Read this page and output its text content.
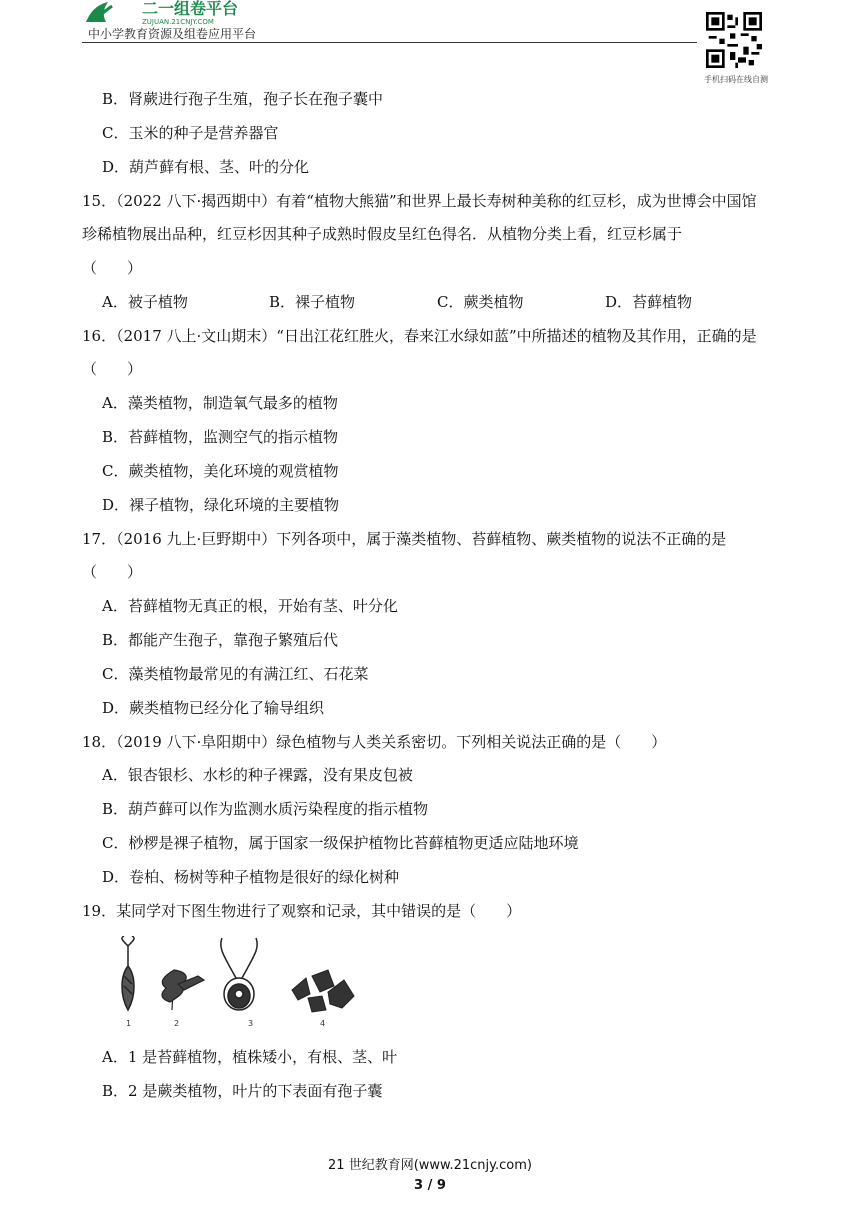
二一组卷平台
ZUJUAN.21CNJY.COM
中小学教育资源及组卷应用平台
手机扫码在线自测
B．肾蕨进行孢子生殖，孢子长在孢子囊中
C．玉米的种子是营养器官
D．葫芦藓有根、茎、叶的分化
15．（2022 八下·揭西期中）有着“植物大熊猫”和世界上最长寿树种美称的红豆杉，成为世博会中国馆
珍稀植物展出品种，红豆杉因其种子成熟时假皮呈红色得名．从植物分类上看，红豆杉属于
（　　）
A．被子植物	B．裸子植物	C．蕨类植物	D．苔藓植物
16．（2017 八上·文山期末）“日出江花红胜火，春来江水绿如蓝”中所描述的植物及其作用，正确的是
（　　）
A．藻类植物，制造氧气最多的植物
B．苔藓植物，监测空气的指示植物
C．蕨类植物，美化环境的观赏植物
D．裸子植物，绿化环境的主要植物
17．（2016 九上·巨野期中）下列各项中，属于藻类植物、苔藓植物、蕨类植物的说法不正确的是
（　　）
A．苔藓植物无真正的根，开始有茎、叶分化
B．都能产生孢子，靠孢子繁殖后代
C．藻类植物最常见的有满江红、石花菜
D．蕨类植物已经分化了输导组织
18．（2019 八下·阜阳期中）绿色植物与人类关系密切。下列相关说法正确的是（　　）
A．银杏银杉、水杉的种子裸露，没有果皮包被
B．葫芦藓可以作为监测水质污染程度的指示植物
C．桫椤是裸子植物，属于国家一级保护植物比苔藓植物更适应陆地环境
D．卷柏、杨树等种子植物是很好的绿化树种
19．某同学对下图生物进行了观察和记录，其中错误的是（　　）
A．1 是苔藓植物，植株矮小，有根、茎、叶
B．2 是蕨类植物，叶片的下表面有孢子囊
1	2	3	4
21 世纪教育网(www.21cnjy.com)
3 / 9
